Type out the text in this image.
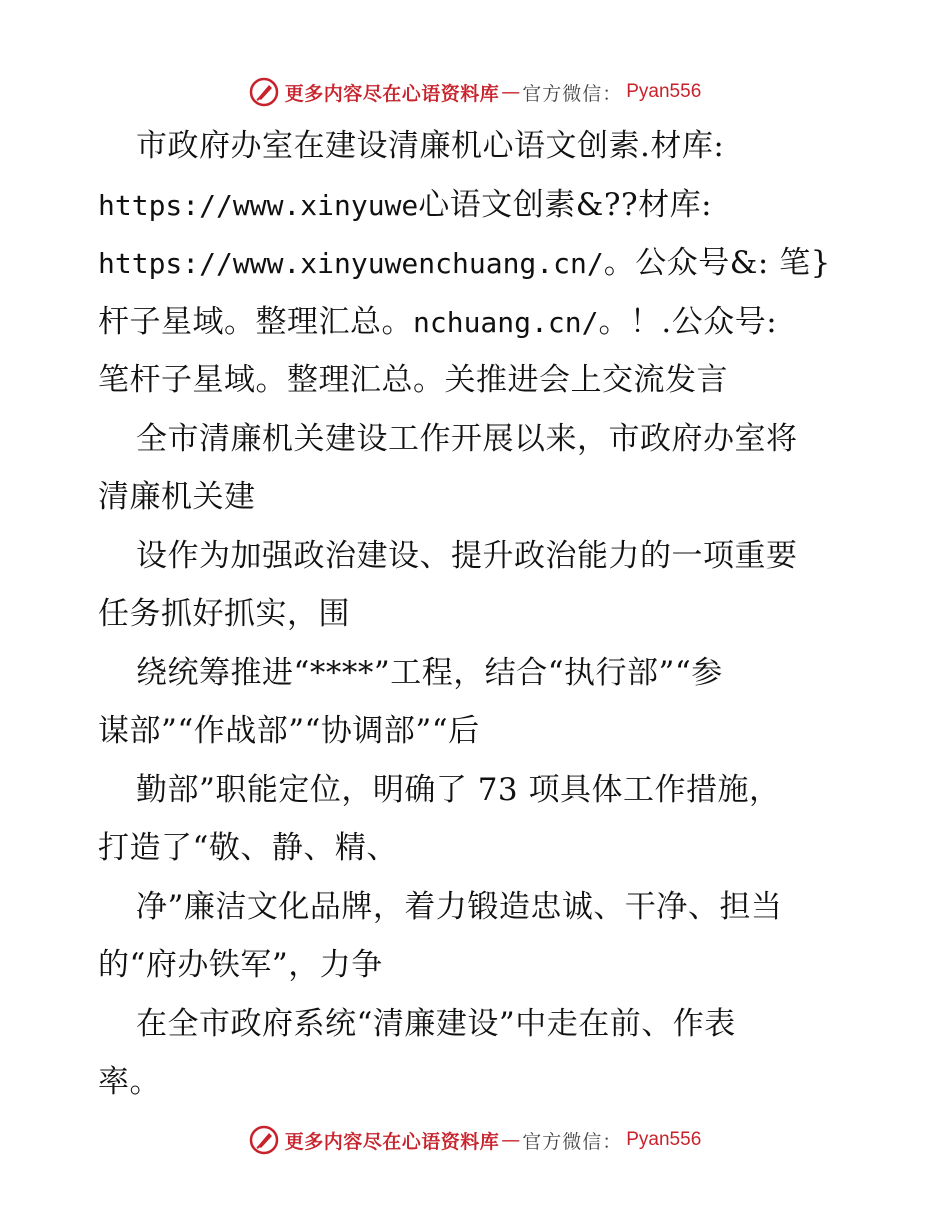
更多内容尽在心语资料库 — 官方微信： Pyan556
市政府办室在建设清廉机心语文创素.材库:
https://www.xinyuwe心语文创素&??材库:
https://www.xinyuwenchuang.cn/。公众号&: 笔}
杆子星域。整理汇总。nchuang.cn/。！.公众号:
笔杆子星域。整理汇总。关推进会上交流发言
全市清廉机关建设工作开展以来，市政府办室将
清廉机关建
设作为加强政治建设、提升政治能力的一项重要
任务抓好抓实，围
绕统筹推进“****”工程，结合“执行部”“参
谋部”“作战部”“协调部”“后
勤部”职能定位，明确了 73 项具体工作措施，
打造了“敬、静、精、
净”廉洁文化品牌，着力锻造忠诚、干净、担当
的“府办铁军”，力争
在全市政府系统“清廉建设”中走在前、作表
率。
更多内容尽在心语资料库 — 官方微信： Pyan556
